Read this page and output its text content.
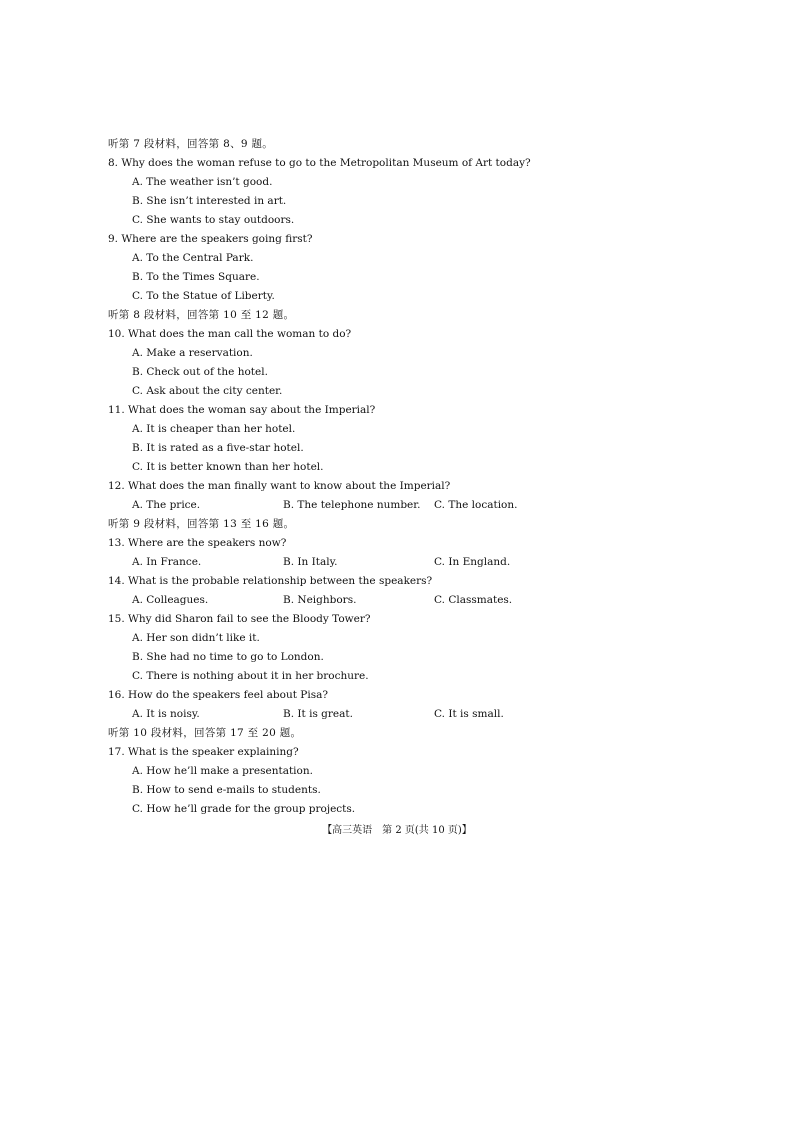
听第 7 段材料，回答第 8、9 题。
8. Why does the woman refuse to go to the Metropolitan Museum of Art today?
A. The weather isn’t good.
B. She isn’t interested in art.
C. She wants to stay outdoors.
9. Where are the speakers going first?
A. To the Central Park.
B. To the Times Square.
C. To the Statue of Liberty.
听第 8 段材料，回答第 10 至 12 题。
10. What does the man call the woman to do?
A. Make a reservation.
B. Check out of the hotel.
C. Ask about the city center.
11. What does the woman say about the Imperial?
A. It is cheaper than her hotel.
B. It is rated as a five-star hotel.
C. It is better known than her hotel.
12. What does the man finally want to know about the Imperial?
A. The price.	B. The telephone number.	C. The location.
听第 9 段材料，回答第 13 至 16 题。
13. Where are the speakers now?
A. In France.	B. In Italy.	C. In England.
14. What is the probable relationship between the speakers?
A. Colleagues.	B. Neighbors.	C. Classmates.
15. Why did Sharon fail to see the Bloody Tower?
A. Her son didn’t like it.
B. She had no time to go to London.
C. There is nothing about it in her brochure.
16. How do the speakers feel about Pisa?
A. It is noisy.	B. It is great.	C. It is small.
听第 10 段材料，回答第 17 至 20 题。
17. What is the speaker explaining?
A. How he’ll make a presentation.
B. How to send e-mails to students.
C. How he’ll grade for the group projects.
【高三英语　第 2 页(共 10 页)】
